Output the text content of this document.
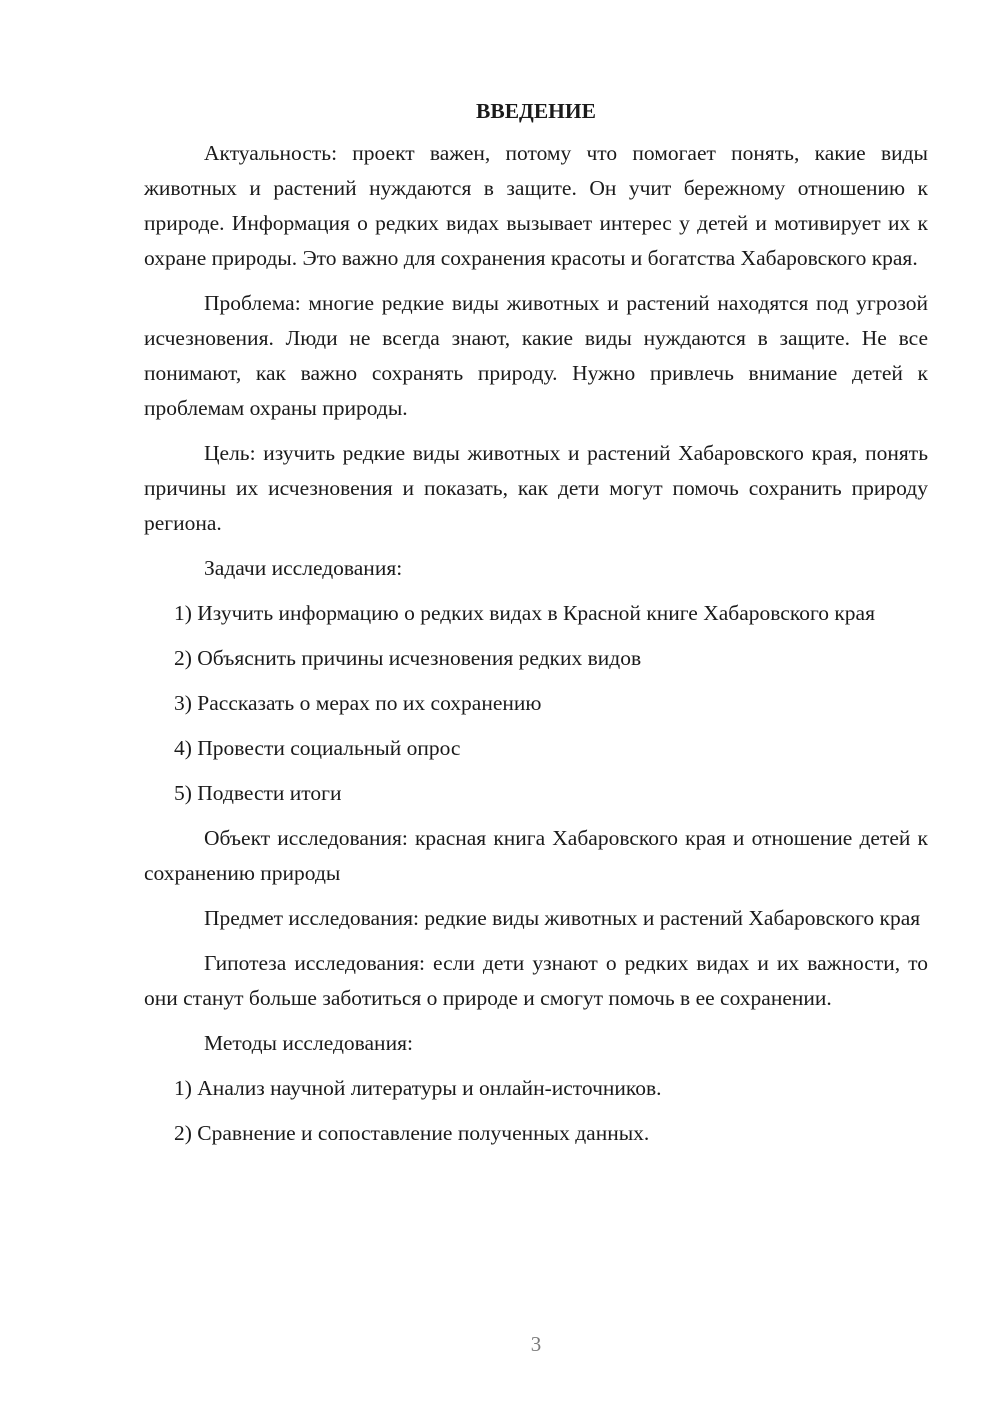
ВВЕДЕНИЕ

Актуальность: проект важен, потому что помогает понять, какие виды животных и растений нуждаются в защите. Он учит бережному отношению к природе. Информация о редких видах вызывает интерес у детей и мотивирует их к охране природы. Это важно для сохранения красоты и богатства Хабаровского края.

Проблема: многие редкие виды животных и растений находятся под угрозой исчезновения. Люди не всегда знают, какие виды нуждаются в защите. Не все понимают, как важно сохранять природу. Нужно привлечь внимание детей к проблемам охраны природы.

Цель: изучить редкие виды животных и растений Хабаровского края, понять причины их исчезновения и показать, как дети могут помочь сохранить природу региона.

Задачи исследования:

1) Изучить информацию о редких видах в Красной книге Хабаровского края

2) Объяснить причины исчезновения редких видов

3) Рассказать о мерах по их сохранению

4) Провести социальный опрос

5) Подвести итоги

Объект исследования: красная книга Хабаровского края и отношение детей к сохранению природы

Предмет исследования: редкие виды животных и растений Хабаровского края

Гипотеза исследования: если дети узнают о редких видах и их важности, то они станут больше заботиться о природе и смогут помочь в ее сохранении.

Методы исследования:

1) Анализ научной литературы и онлайн-источников.

2) Сравнение и сопоставление полученных данных.

3
